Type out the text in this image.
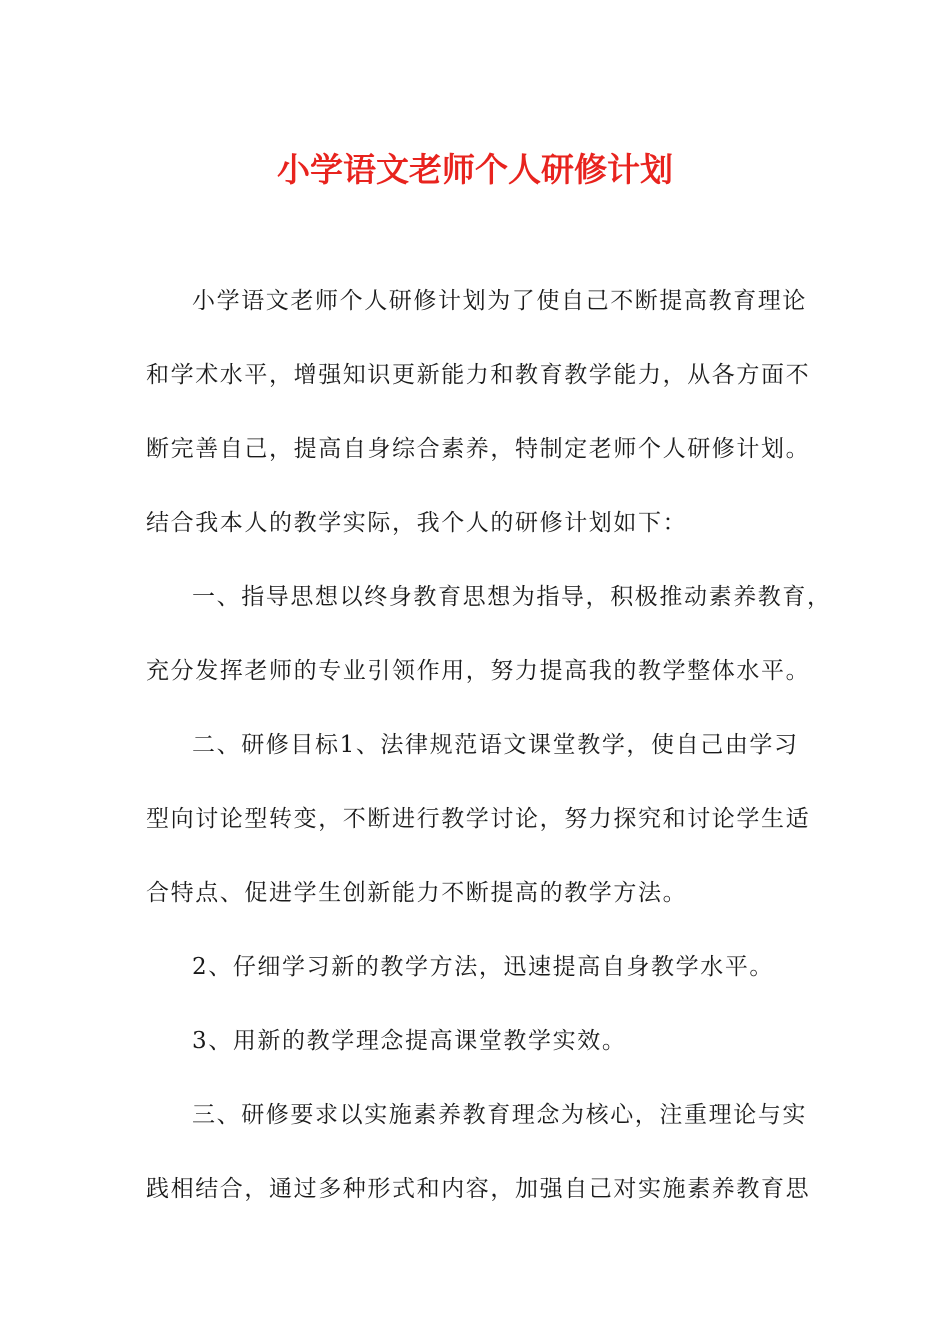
小学语文老师个人研修计划

小学语文老师个人研修计划为了使自己不断提高教育理论

和学术水平，增强知识更新能力和教育教学能力，从各方面不

断完善自己，提高自身综合素养，特制定老师个人研修计划。

结合我本人的教学实际，我个人的研修计划如下：

一、指导思想以终身教育思想为指导，积极推动素养教育，

充分发挥老师的专业引领作用，努力提高我的教学整体水平。

二、研修目标1、法律规范语文课堂教学，使自己由学习

型向讨论型转变，不断进行教学讨论，努力探究和讨论学生适

合特点、促进学生创新能力不断提高的教学方法。

2、仔细学习新的教学方法，迅速提高自身教学水平。

3、用新的教学理念提高课堂教学实效。

三、研修要求以实施素养教育理念为核心，注重理论与实

践相结合，通过多种形式和内容，加强自己对实施素养教育思
